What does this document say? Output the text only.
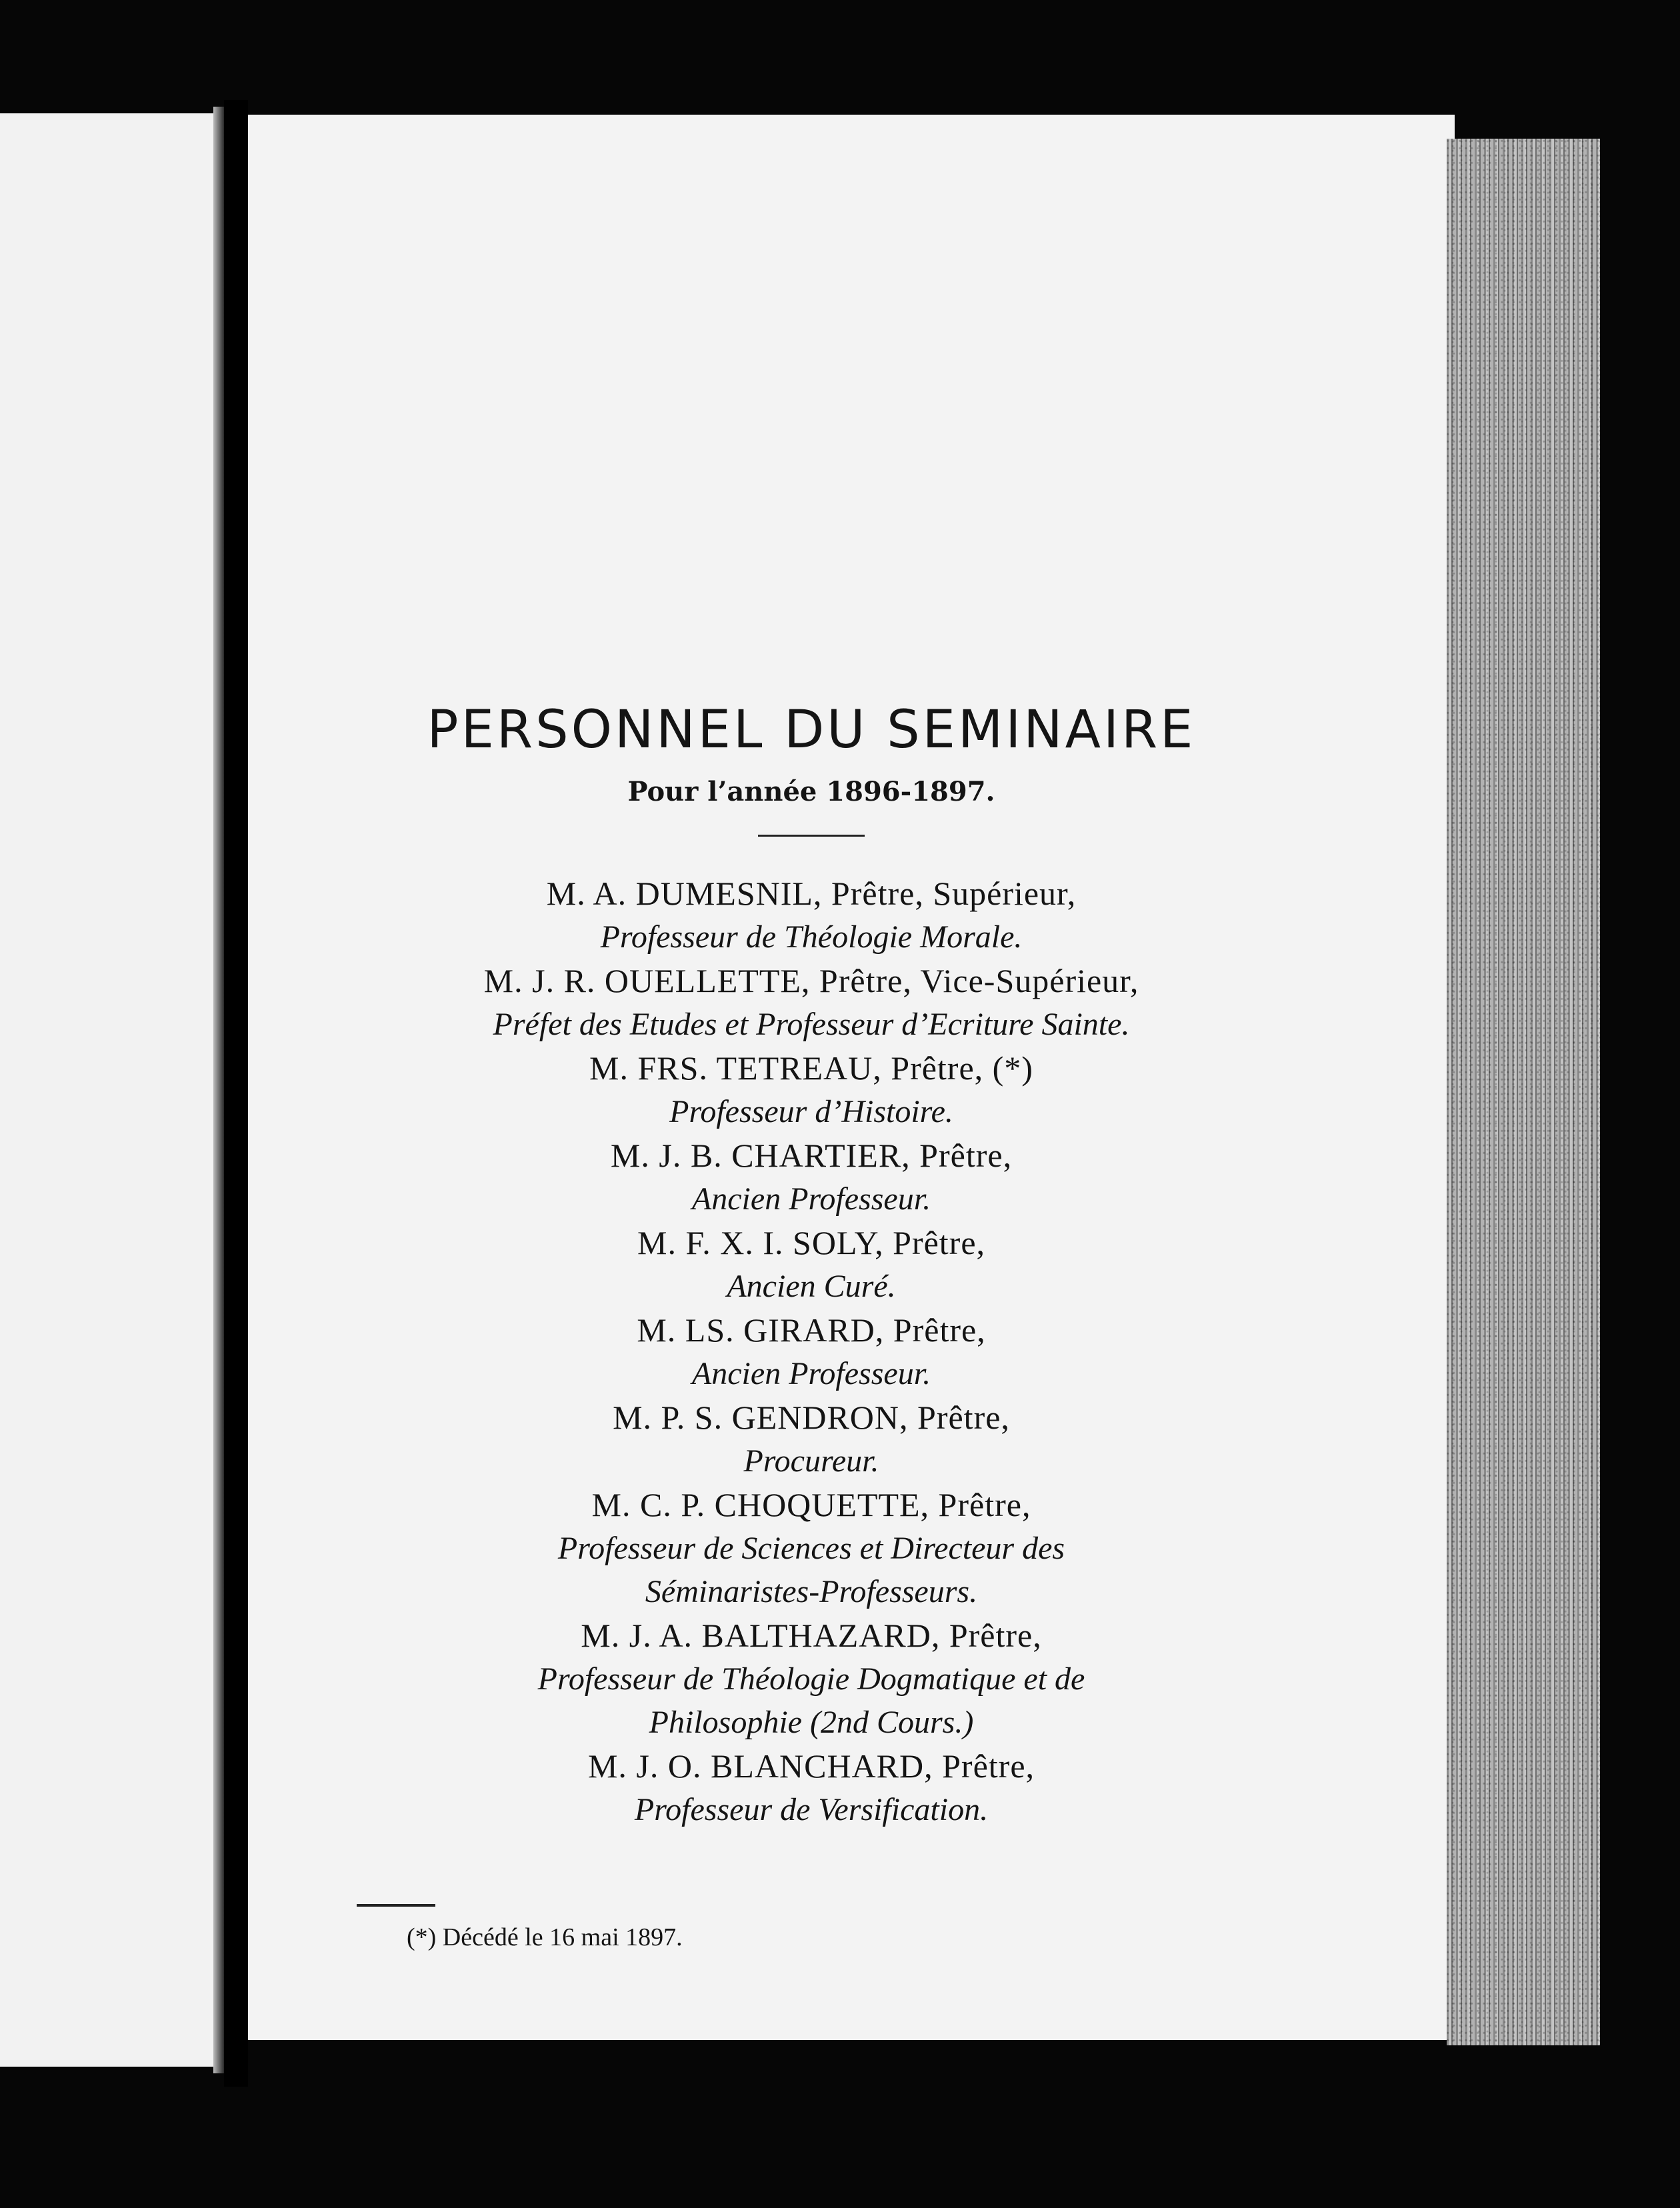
PERSONNEL DU SEMINAIRE
Pour l’année 1896-1897.
M. A. DUMESNIL, Prêtre, Supérieur,
Professeur de Théologie Morale.
M. J. R. OUELLETTE, Prêtre, Vice-Supérieur,
Préfet des Etudes et Professeur d’Ecriture Sainte.
M. FRS. TETREAU, Prêtre, (*)
Professeur d’Histoire.
M. J. B. CHARTIER, Prêtre,
Ancien Professeur.
M. F. X. I. SOLY, Prêtre,
Ancien Curé.
M. LS. GIRARD, Prêtre,
Ancien Professeur.
M. P. S. GENDRON, Prêtre,
Procureur.
M. C. P. CHOQUETTE, Prêtre,
Professeur de Sciences et Directeur des Séminaristes-Professeurs.
M. J. A. BALTHAZARD, Prêtre,
Professeur de Théologie Dogmatique et de Philosophie (2nd Cours.)
M. J. O. BLANCHARD, Prêtre,
Professeur de Versification.
(*) Décédé le 16 mai 1897.
